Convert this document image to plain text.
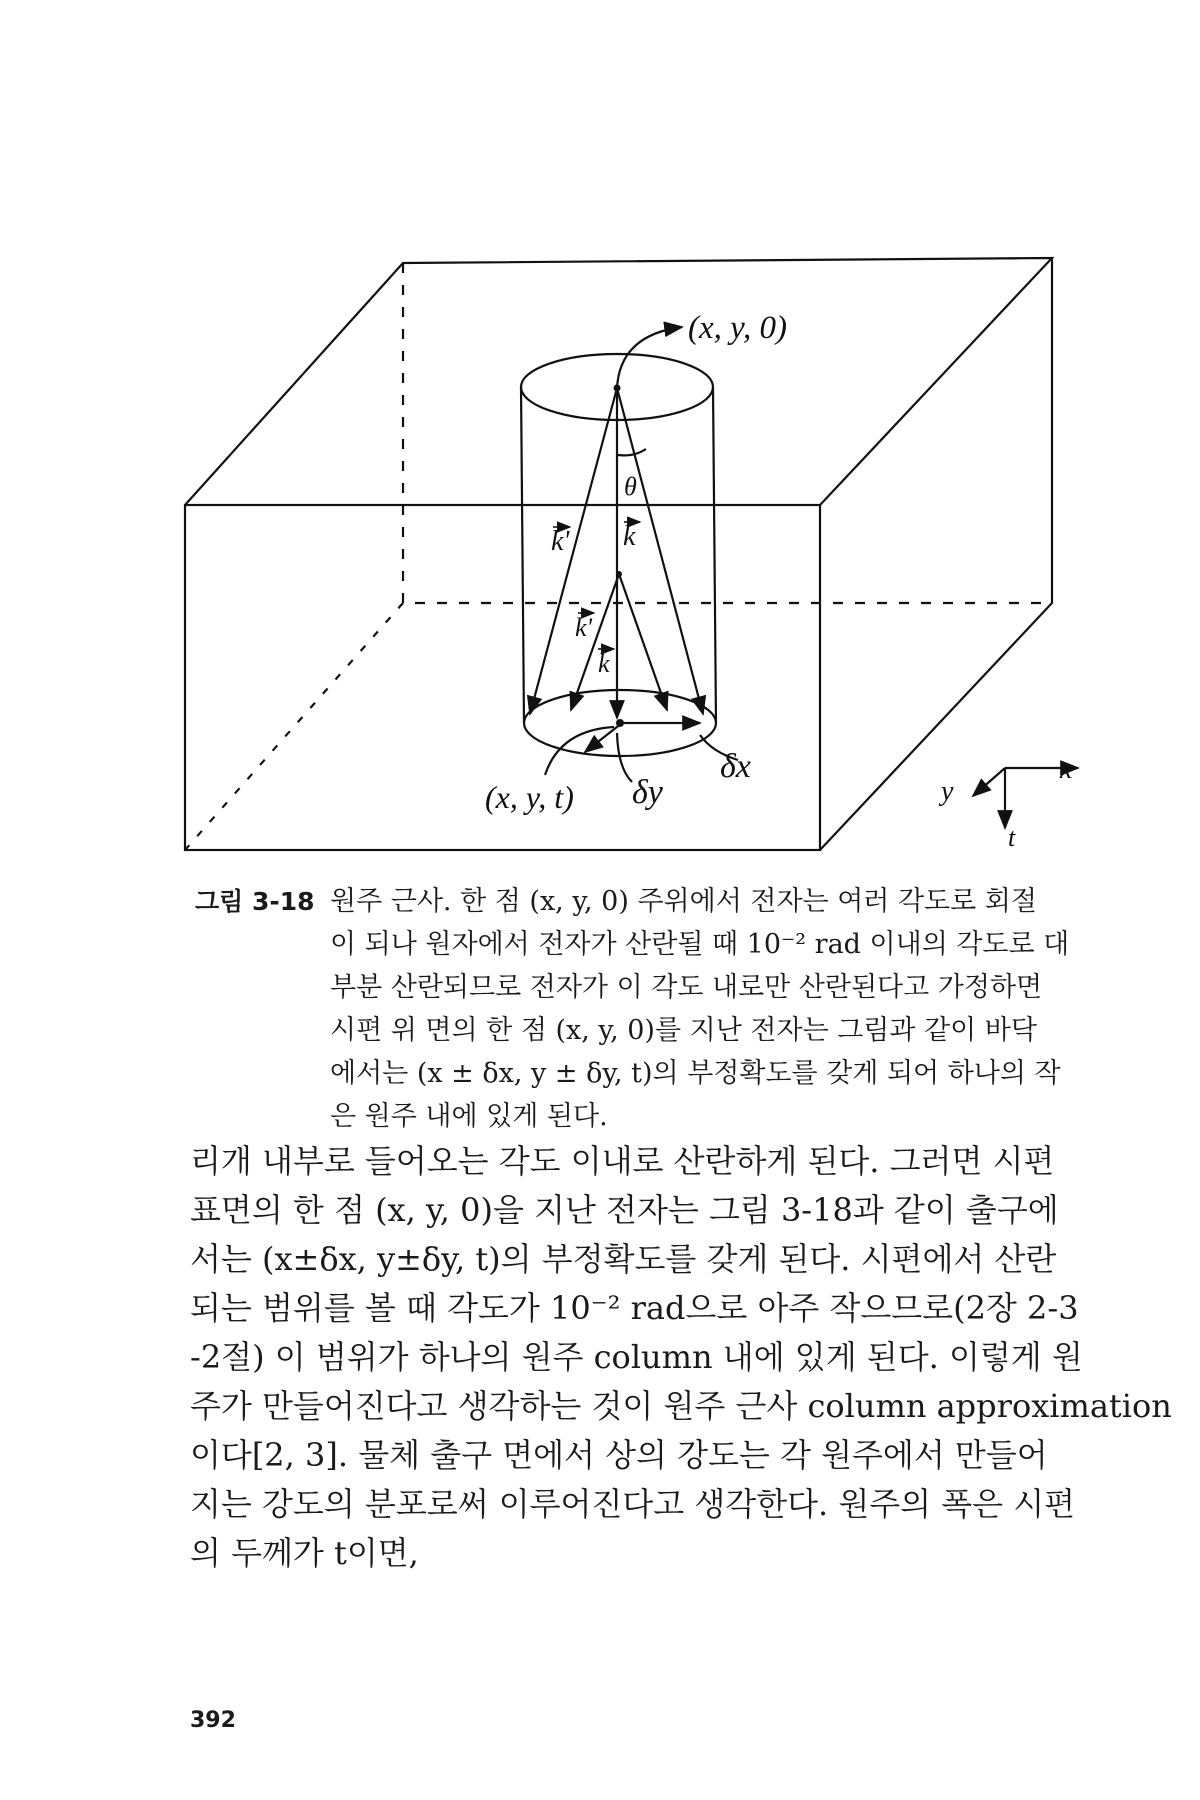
(x, y, 0)
θ
k' k
k'
k
δx
δy
(x, y, t)
x
y
t
그림 3-18 원주 근사. 한 점 (x, y, 0) 주위에서 전자는 여러 각도로 회절
이 되나 원자에서 전자가 산란될 때 10⁻² rad 이내의 각도로 대
부분 산란되므로 전자가 이 각도 내로만 산란된다고 가정하면
시편 위 면의 한 점 (x, y, 0)를 지난 전자는 그림과 같이 바닥
에서는 (x ± δx, y ± δy, t)의 부정확도를 갖게 되어 하나의 작
은 원주 내에 있게 된다.
리개 내부로 들어오는 각도 이내로 산란하게 된다. 그러면 시편
표면의 한 점 (x, y, 0)을 지난 전자는 그림 3-18과 같이 출구에
서는 (x±δx, y±δy, t)의 부정확도를 갖게 된다. 시편에서 산란
되는 범위를 볼 때 각도가 10⁻² rad으로 아주 작으므로(2장 2-3
-2절) 이 범위가 하나의 원주 column 내에 있게 된다. 이렇게 원
주가 만들어진다고 생각하는 것이 원주 근사 column approximation
이다[2, 3]. 물체 출구 면에서 상의 강도는 각 원주에서 만들어
지는 강도의 분포로써 이루어진다고 생각한다. 원주의 폭은 시편
의 두께가 t이면,
392
